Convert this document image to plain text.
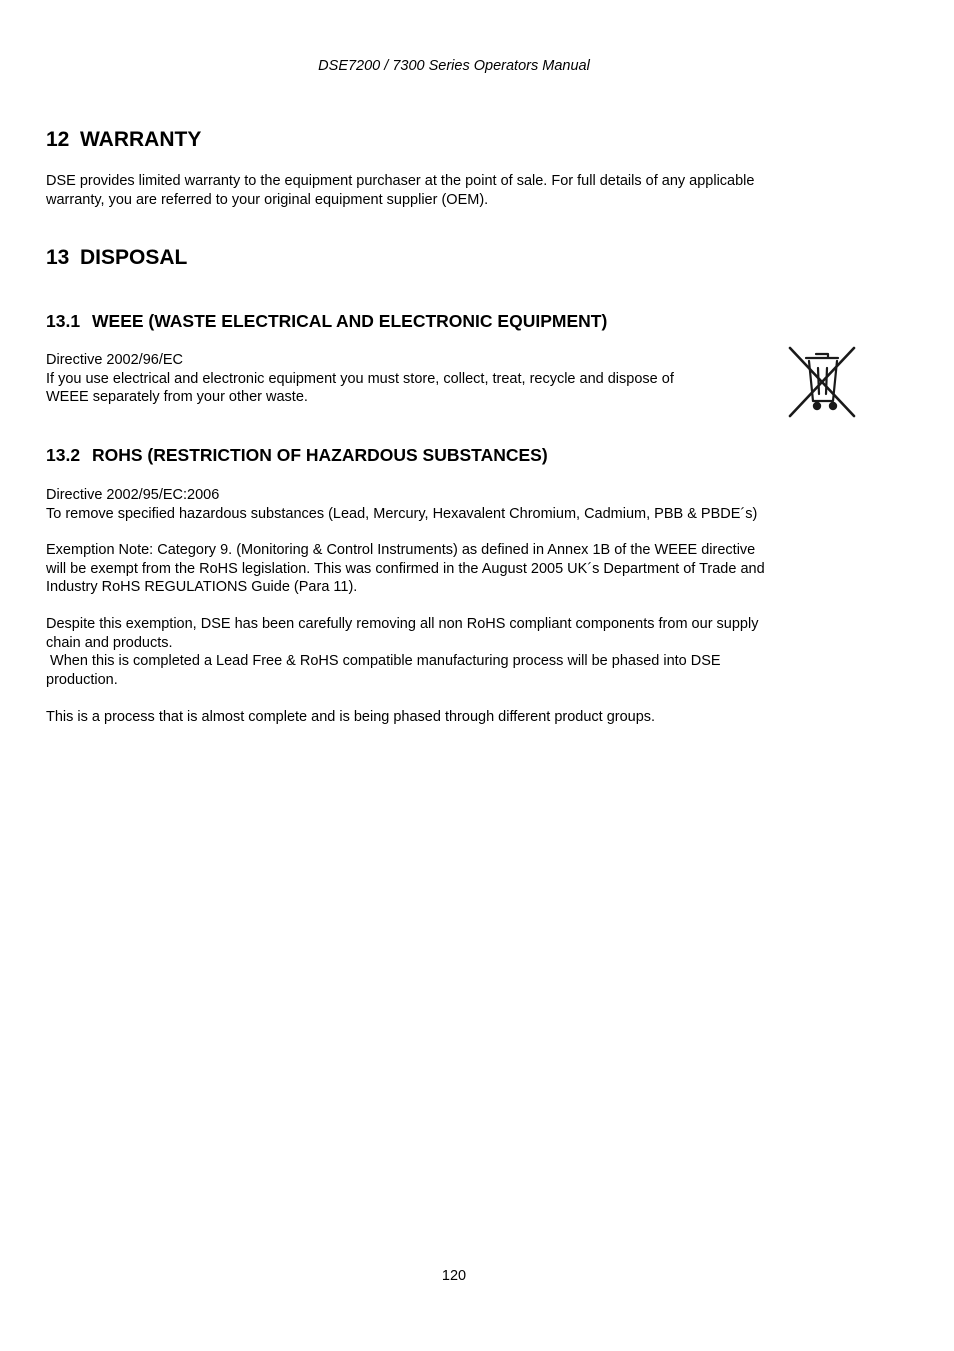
DSE7200 / 7300 Series Operators Manual
12 WARRANTY

DSE provides limited warranty to the equipment purchaser at the point of sale. For full details of any applicable
warranty, you are referred to your original equipment supplier (OEM).

13 DISPOSAL
13.1 WEEE (WASTE ELECTRICAL AND ELECTRONIC EQUIPMENT)

Directive 2002/96/EC
If you use electrical and electronic equipment you must store, collect, treat, recycle and dispose of
WEEE separately from your other waste.

13.2 ROHS (RESTRICTION OF HAZARDOUS SUBSTANCES)

Directive 2002/95/EC:2006
To remove specified hazardous substances (Lead, Mercury, Hexavalent Chromium, Cadmium, PBB & PBDE´s)

Exemption Note: Category 9. (Monitoring & Control Instruments) as defined in Annex 1B of the WEEE directive
will be exempt from the RoHS legislation. This was confirmed in the August 2005 UK´s Department of Trade and
Industry RoHS REGULATIONS Guide (Para 11).

Despite this exemption, DSE has been carefully removing all non RoHS compliant components from our supply
chain and products.
When this is completed a Lead Free & RoHS compatible manufacturing process will be phased into DSE
production.

This is a process that is almost complete and is being phased through different product groups.

120
